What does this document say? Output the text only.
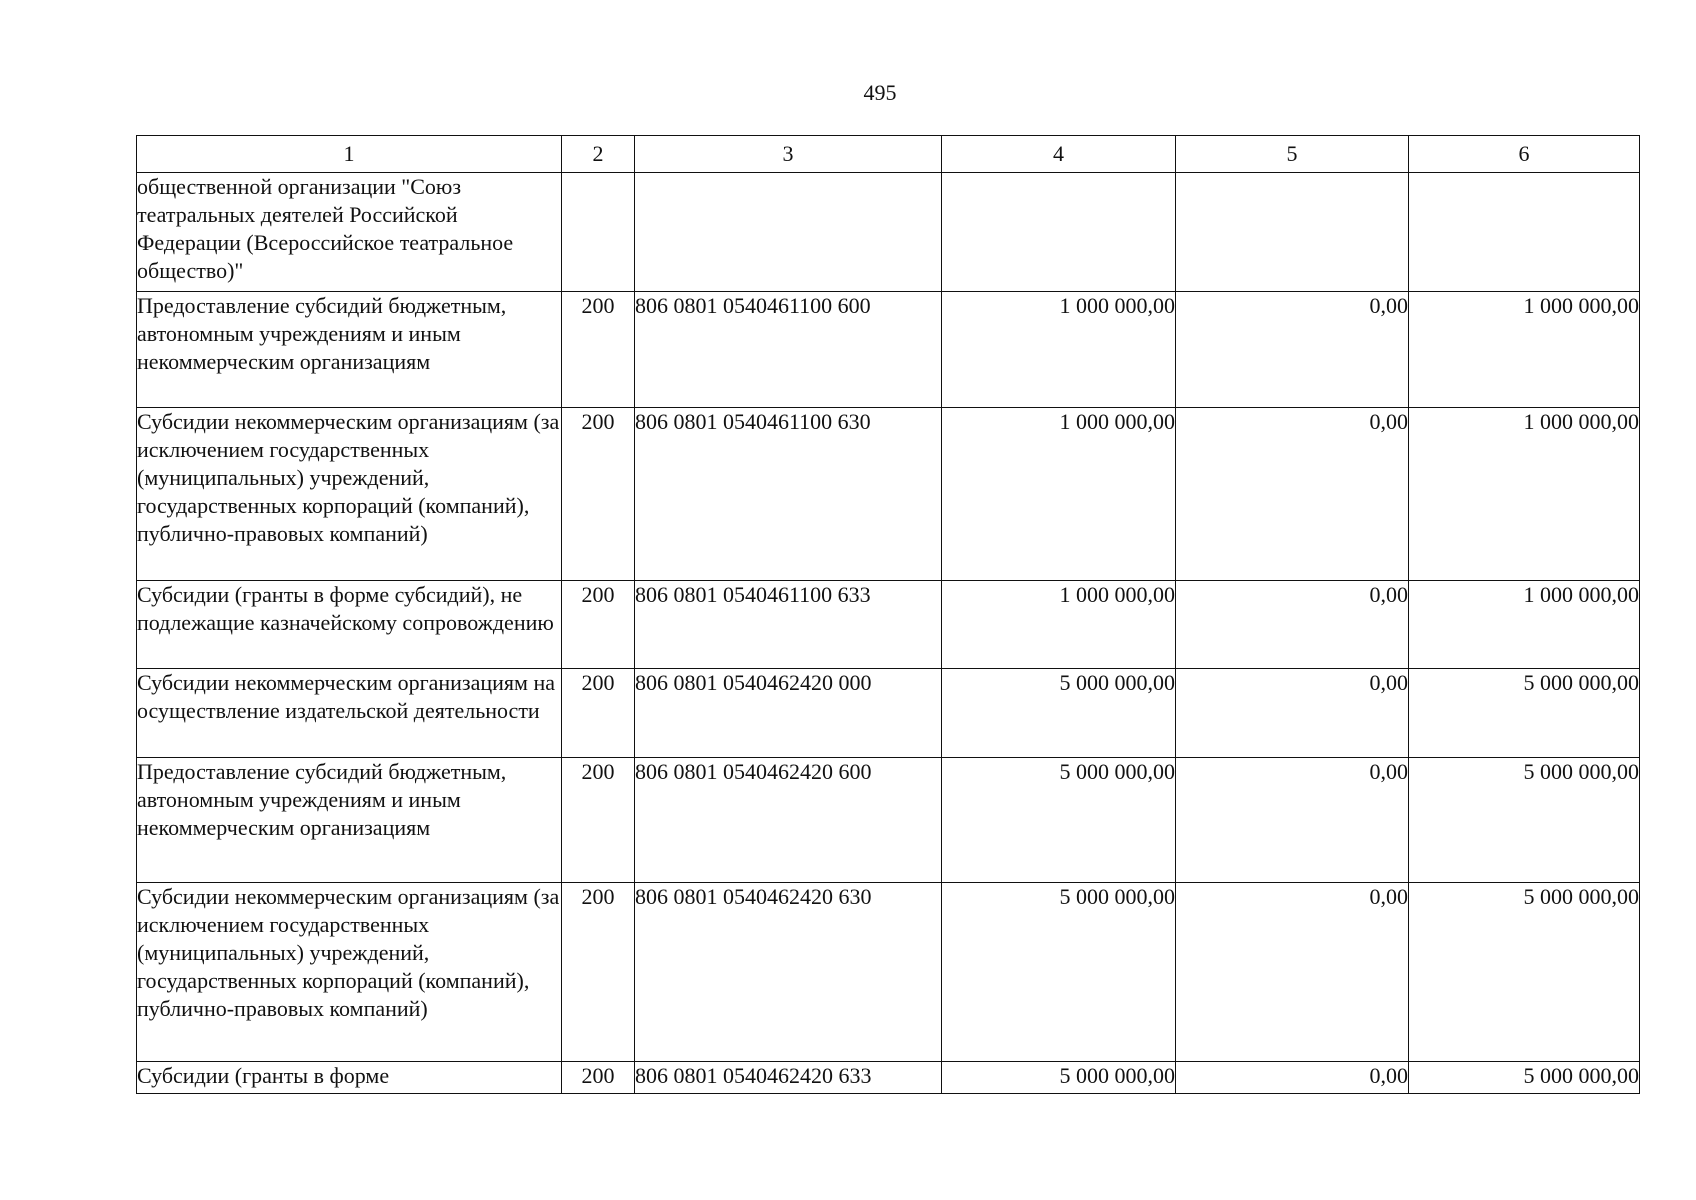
495
1	2	3	4	5	6
общественной организации "Союз театральных деятелей Российской Федерации (Всероссийское театральное общество)"					
Предоставление субсидий бюджетным, автономным учреждениям и иным некоммерческим организациям	200	806 0801 0540461100 600	1 000 000,00	0,00	1 000 000,00
Субсидии некоммерческим организациям (за исключением государственных (муниципальных) учреждений, государственных корпораций (компаний), публично-правовых компаний)	200	806 0801 0540461100 630	1 000 000,00	0,00	1 000 000,00
Субсидии (гранты в форме субсидий), не подлежащие казначейскому сопровождению	200	806 0801 0540461100 633	1 000 000,00	0,00	1 000 000,00
Субсидии некоммерческим организациям на осуществление издательской деятельности	200	806 0801 0540462420 000	5 000 000,00	0,00	5 000 000,00
Предоставление субсидий бюджетным, автономным учреждениям и иным некоммерческим организациям	200	806 0801 0540462420 600	5 000 000,00	0,00	5 000 000,00
Субсидии некоммерческим организациям (за исключением государственных (муниципальных) учреждений, государственных корпораций (компаний), публично-правовых компаний)	200	806 0801 0540462420 630	5 000 000,00	0,00	5 000 000,00
Субсидии (гранты в форме	200	806 0801 0540462420 633	5 000 000,00	0,00	5 000 000,00
